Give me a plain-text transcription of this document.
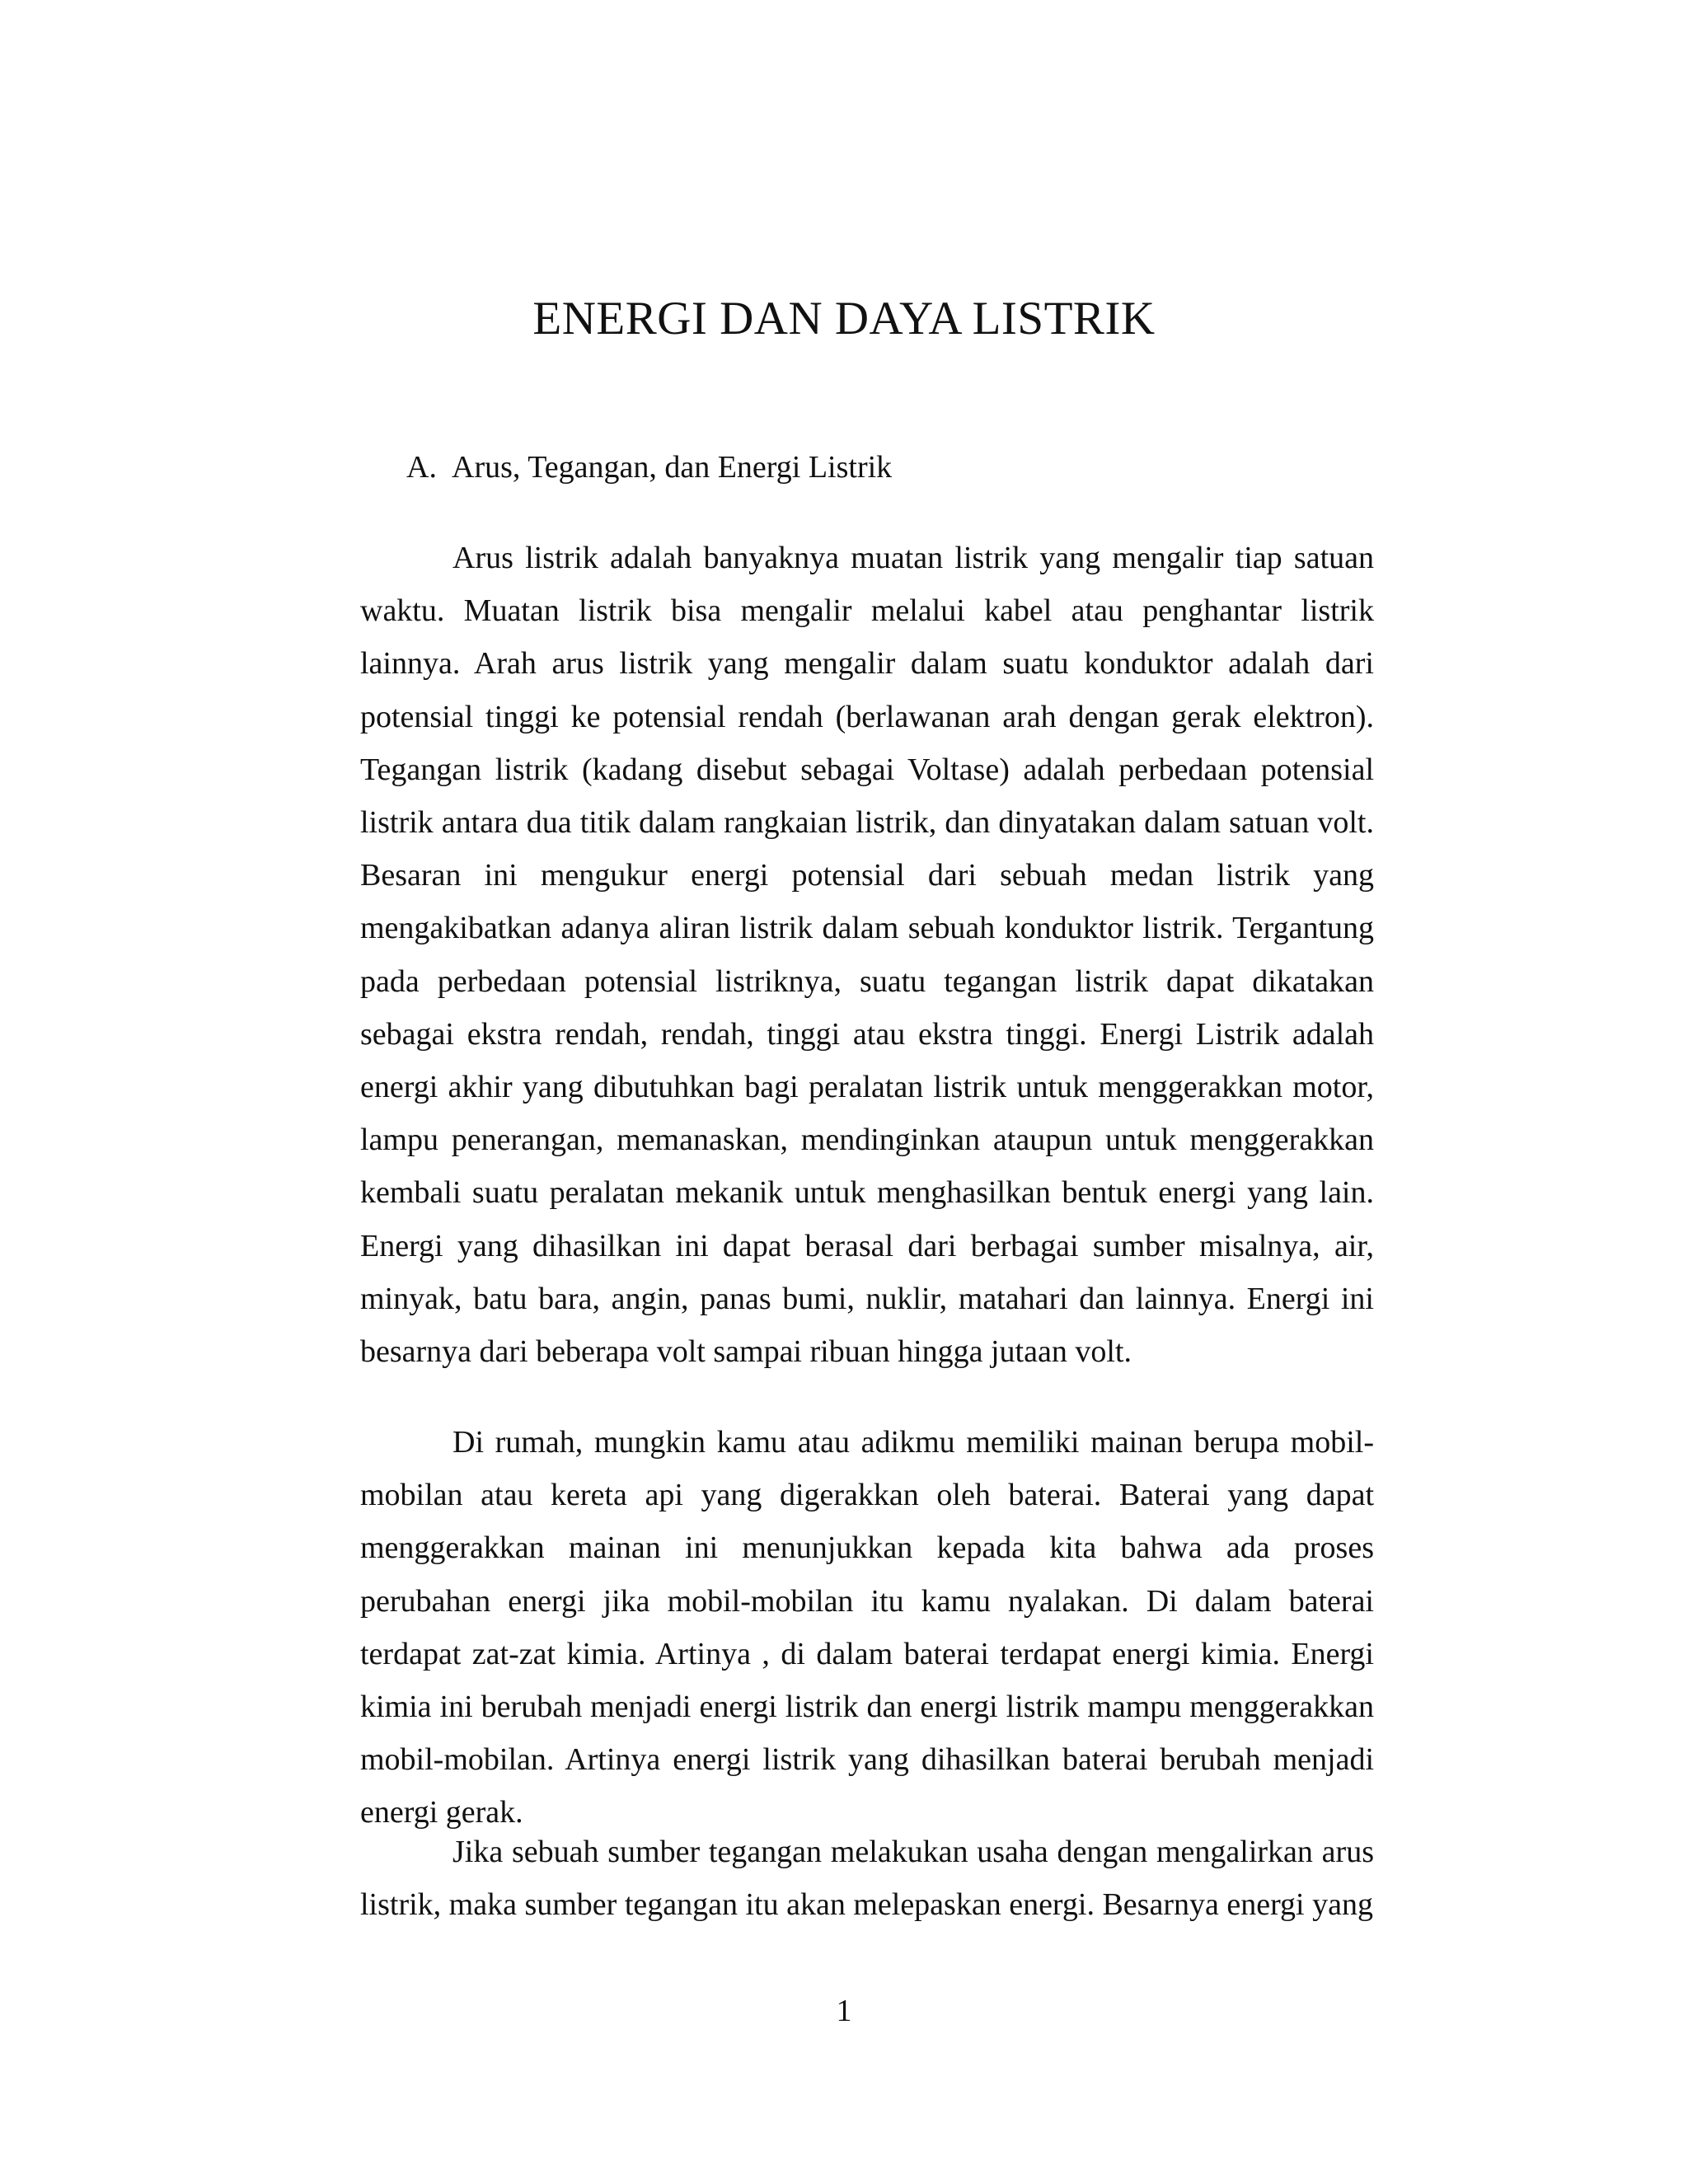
ENERGI DAN DAYA LISTRIK
A. Arus, Tegangan, dan Energi Listrik

Arus listrik adalah banyaknya muatan listrik yang mengalir tiap satuan waktu. Muatan listrik bisa mengalir melalui kabel atau penghantar listrik lainnya. Arah arus listrik yang mengalir dalam suatu konduktor adalah dari potensial tinggi ke potensial rendah (berlawanan arah dengan gerak elektron). Tegangan listrik (kadang disebut sebagai Voltase) adalah perbedaan potensial listrik antara dua titik dalam rangkaian listrik, dan dinyatakan dalam satuan volt. Besaran ini mengukur energi potensial dari sebuah medan listrik yang mengakibatkan adanya aliran listrik dalam sebuah konduktor listrik. Tergantung pada perbedaan potensial listriknya, suatu tegangan listrik dapat dikatakan sebagai ekstra rendah, rendah, tinggi atau ekstra tinggi. Energi Listrik adalah energi akhir yang dibutuhkan bagi peralatan listrik untuk menggerakkan motor, lampu penerangan, memanaskan, mendinginkan ataupun untuk menggerakkan kembali suatu peralatan mekanik untuk menghasilkan bentuk energi yang lain. Energi yang dihasilkan ini dapat berasal dari berbagai sumber misalnya, air, minyak, batu bara, angin, panas bumi, nuklir, matahari dan lainnya. Energi ini besarnya dari beberapa volt sampai ribuan hingga jutaan volt.

Di rumah, mungkin kamu atau adikmu memiliki mainan berupa mobil-mobilan atau kereta api yang digerakkan oleh baterai. Baterai yang dapat menggerakkan mainan ini menunjukkan kepada kita bahwa ada proses perubahan energi jika mobil-mobilan itu kamu nyalakan. Di dalam baterai terdapat zat-zat kimia. Artinya , di dalam baterai terdapat energi kimia. Energi kimia ini berubah menjadi energi listrik dan energi listrik mampu menggerakkan mobil-mobilan. Artinya energi listrik yang dihasilkan baterai berubah menjadi energi gerak.

Jika sebuah sumber tegangan melakukan usaha dengan mengalirkan arus listrik, maka sumber tegangan itu akan melepaskan energi. Besarnya energi yang

1
